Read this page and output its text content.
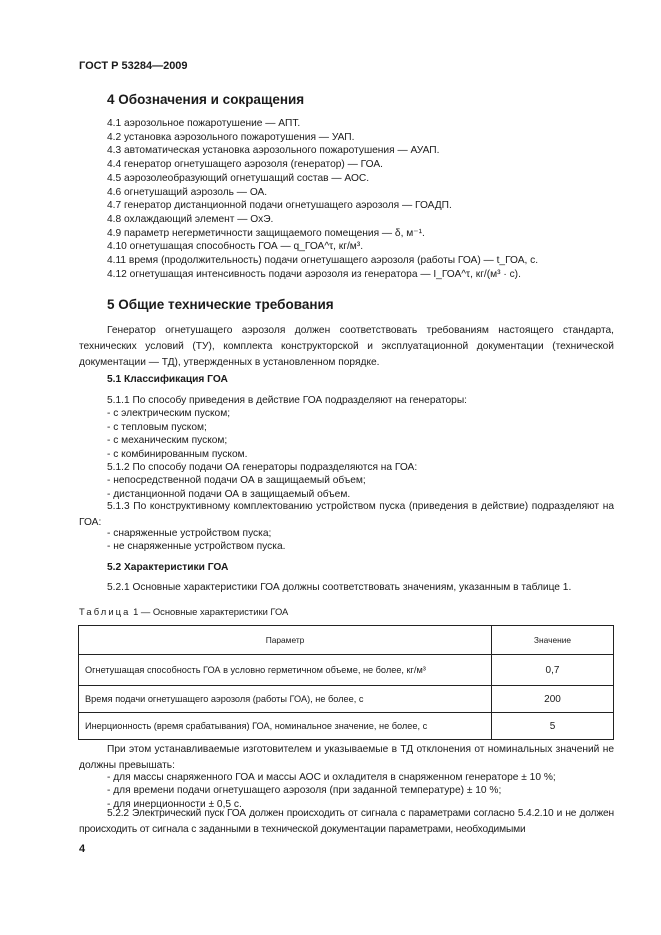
ГОСТ Р 53284—2009
4 Обозначения и сокращения
4.1 аэрозольное пожаротушение — АПТ.
4.2 установка аэрозольного пожаротушения — УАП.
4.3 автоматическая установка аэрозольного пожаротушения — АУАП.
4.4 генератор огнетушащего аэрозоля (генератор) — ГОА.
4.5 аэрозолеобразующий огнетушащий состав — АОС.
4.6 огнетушащий аэрозоль — ОА.
4.7 генератор дистанционной подачи огнетушащего аэрозоля — ГОАДП.
4.8 охлаждающий элемент — ОхЭ.
4.9 параметр негерметичности защищаемого помещения — δ, м⁻¹.
4.10 огнетушащая способность ГОА — q_ГОА^τ, кг/м³.
4.11 время (продолжительность) подачи огнетушащего аэрозоля (работы ГОА) — t_ГОА, с.
4.12 огнетушащая интенсивность подачи аэрозоля из генератора — I_ГОА^τ, кг/(м³ · с).
5 Общие технические требования

Генератор огнетушащего аэрозоля должен соответствовать требованиям настоящего стандарта, технических условий (ТУ), комплекта конструкторской и эксплуатационной документации (технической документации — ТД), утвержденных в установленном порядке.

5.1 Классификация ГОА
5.1.1 По способу приведения в действие ГОА подразделяют на генераторы:
- с электрическим пуском;
- с тепловым пуском;
- с механическим пуском;
- с комбинированным пуском.
5.1.2 По способу подачи ОА генераторы подразделяются на ГОА:
- непосредственной подачи ОА в защищаемый объем;
- дистанционной подачи ОА в защищаемый объем.

5.1.3 По конструктивному комплектованию устройством пуска (приведения в действие) подразделяют на ГОА:

- снаряженные устройством пуска;
- не снаряженные устройством пуска.
5.2 Характеристики ГОА
5.2.1 Основные характеристики ГОА должны соответствовать значениям, указанным в таблице 1.
Таблица 1 — Основные характеристики ГОА
Параметр	Значение
Огнетушащая способность ГОА в условно герметичном объеме, не более, кг/м³	0,7
Время подачи огнетушащего аэрозоля (работы ГОА), не более, с	200
Инерционность (время срабатывания) ГОА, номинальное значение, не более, с	5

При этом устанавливаемые изготовителем и указываемые в ТД отклонения от номинальных значений не должны превышать:

- для массы снаряженного ГОА и массы АОС и охладителя в снаряженном генераторе ± 10 %;
- для времени подачи огнетушащего аэрозоля (при заданной температуре) ± 10 %;
- для инерционности ± 0,5 с.

5.2.2 Электрический пуск ГОА должен происходить от сигнала с параметрами согласно 5.4.2.10 и не должен происходить от сигнала с заданными в технической документации параметрами, необходимыми

4
